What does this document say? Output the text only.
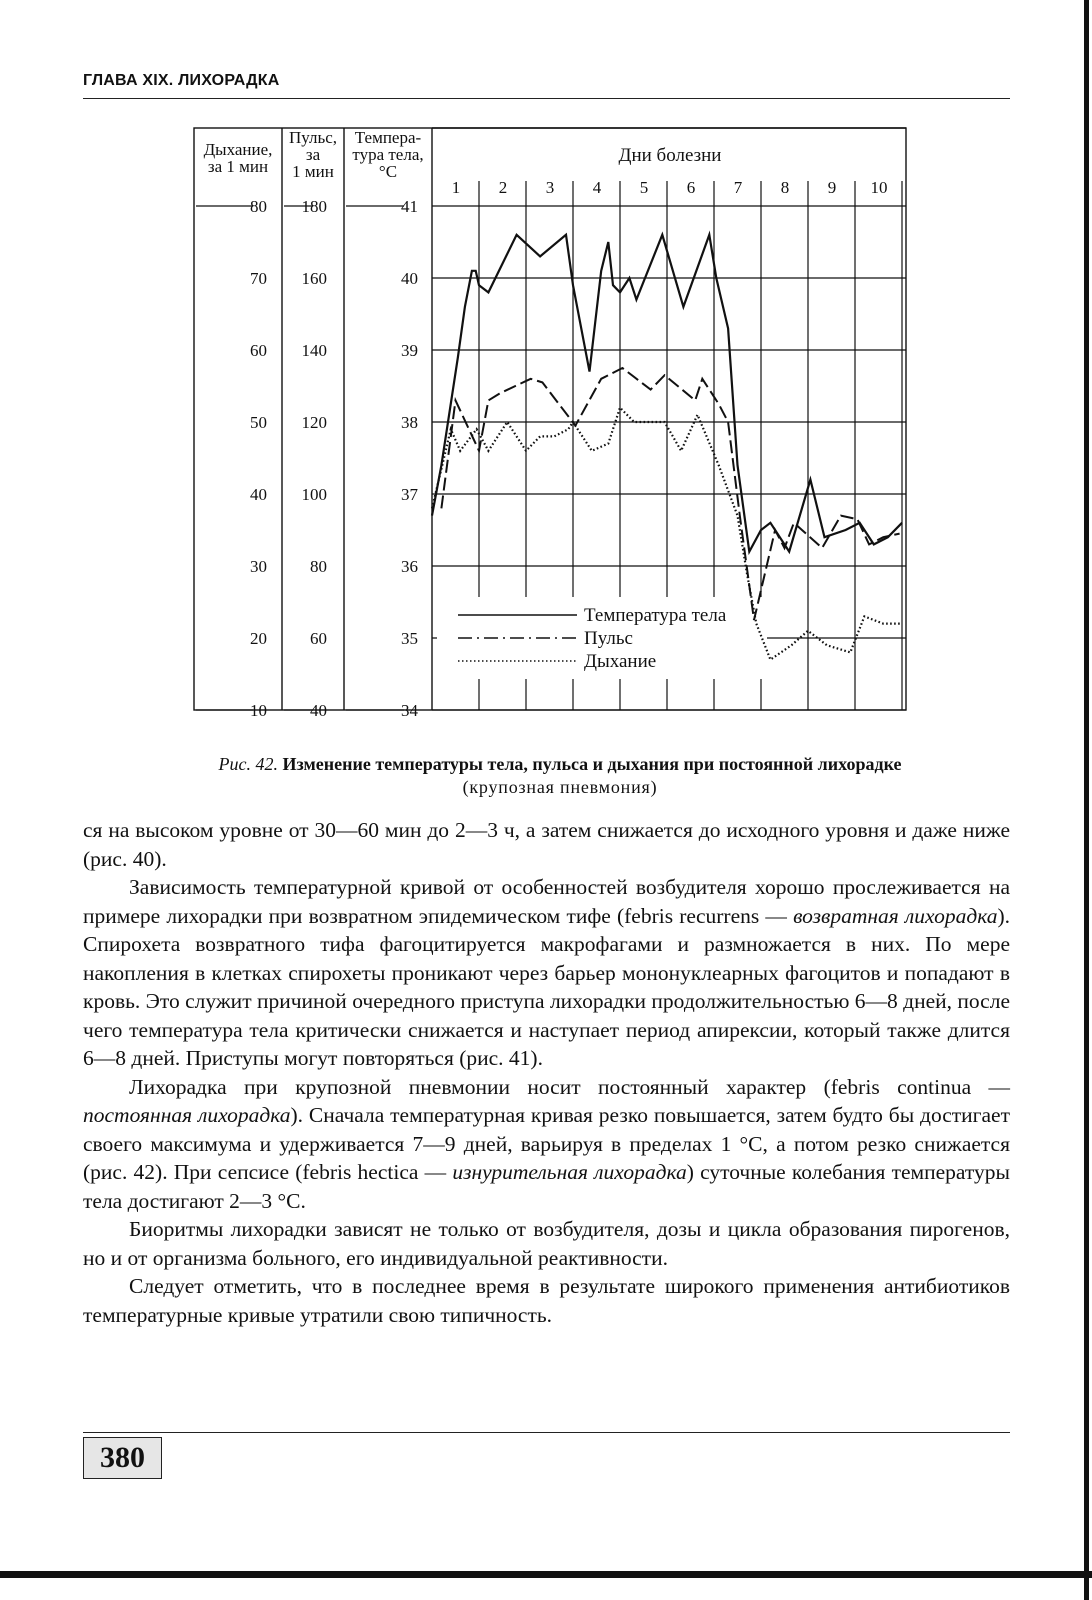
ГЛАВА XIX. ЛИХОРАДКА
Дыхание,
за 1 мин
Пульс,
за
1 мин
Темпера-
тура тела,
°C
80
70
60
50
40
30
20
10
180
160
140
120
100
80
60
40
41
40
39
38
37
36
35
34
Дни болезни
1 2 3 4 5 6 7 8 9 10
Температура тела
Пульс
Дыхание
Рис. 42. Изменение температуры тела, пульса и дыхания при постоянной лихорадке
(крупозная пневмония)

ся на высоком уровне от 30—60 мин до 2—3 ч, а затем снижается до исходного уровня и даже ниже (рис. 40).

Зависимость температурной кривой от особенностей возбудителя хорошо прослеживается на примере лихорадки при возвратном эпидемическом тифе (febris recurrens — возвратная лихорадка). Спирохета возвратного тифа фагоцитируется макрофагами и размножается в них. По мере накопления в клетках спирохеты проникают через барьер мононуклеарных фагоцитов и попадают в кровь. Это служит причиной очередного приступа лихорадки продолжительностью 6—8 дней, после чего температура тела критически снижается и наступает период апирексии, который также длится 6—8 дней. Приступы могут повторяться (рис. 41).

Лихорадка при крупозной пневмонии носит постоянный характер (febris continua — постоянная лихорадка). Сначала температурная кривая резко повышается, затем будто бы достигает своего максимума и удерживается 7—9 дней, варьируя в пределах 1 °C, а потом резко снижается (рис. 42). При сепсисе (febris hectica — изнурительная лихорадка) суточные колебания температуры тела достигают 2—3 °C.

Биоритмы лихорадки зависят не только от возбудителя, дозы и цикла образования пирогенов, но и от организма больного, его индивидуальной реактивности.

Следует отметить, что в последнее время в результате широкого применения антибиотиков температурные кривые утратили свою типичность.

380
